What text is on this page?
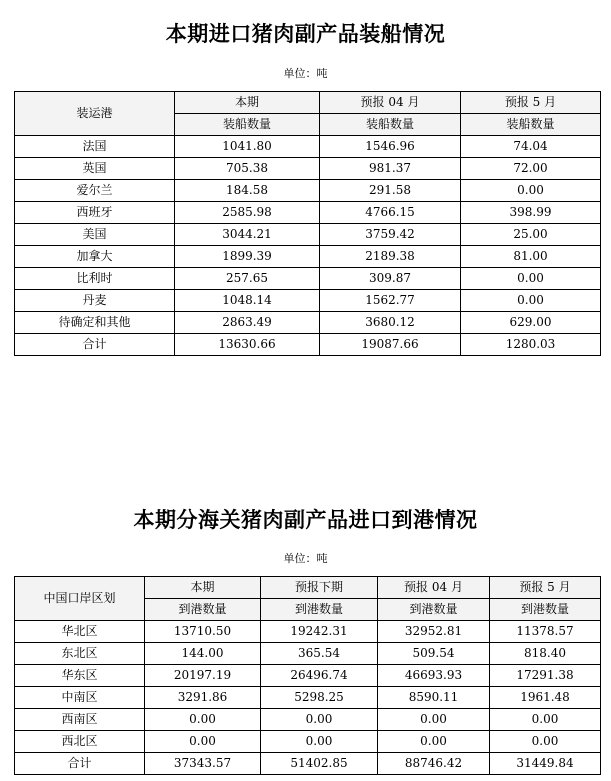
本期进口猪肉副产品装船情况
单位：吨
装运港	本期	预报 04 月	预报 5 月
	装船数量	装船数量	装船数量
法国	1041.80	1546.96	74.04
英国	705.38	981.37	72.00
爱尔兰	184.58	291.58	0.00
西班牙	2585.98	4766.15	398.99
美国	3044.21	3759.42	25.00
加拿大	1899.39	2189.38	81.00
比利时	257.65	309.87	0.00
丹麦	1048.14	1562.77	0.00
待确定和其他	2863.49	3680.12	629.00
合计	13630.66	19087.66	1280.03
本期分海关猪肉副产品进口到港情况
单位：吨
中国口岸区划	本期	预报下期	预报 04 月	预报 5 月
	到港数量	到港数量	到港数量	到港数量
华北区	13710.50	19242.31	32952.81	11378.57
东北区	144.00	365.54	509.54	818.40
华东区	20197.19	26496.74	46693.93	17291.38
中南区	3291.86	5298.25	8590.11	1961.48
西南区	0.00	0.00	0.00	0.00
西北区	0.00	0.00	0.00	0.00
合计	37343.57	51402.85	88746.42	31449.84
